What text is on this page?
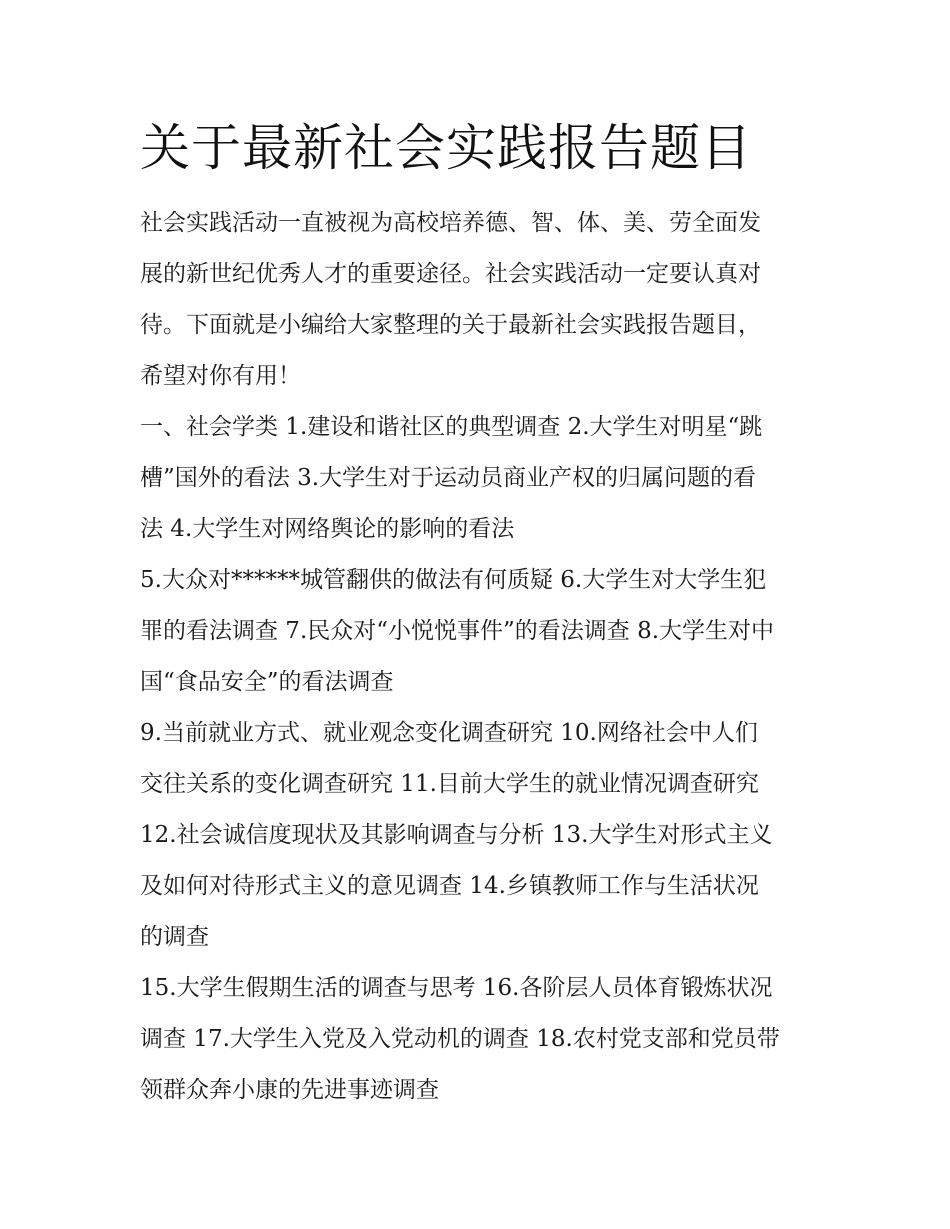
关于最新社会实践报告题目

社会实践活动一直被视为高校培养德、智、体、美、劳全面发
展的新世纪优秀人才的重要途径。社会实践活动一定要认真对
待。下面就是小编给大家整理的关于最新社会实践报告题目，
希望对你有用！

一、社会学类 1.建设和谐社区的典型调查 2.大学生对明星“跳
槽”国外的看法 3.大学生对于运动员商业产权的归属问题的看
法 4.大学生对网络舆论的影响的看法

5.大众对******城管翻供的做法有何质疑 6.大学生对大学生犯
罪的看法调查 7.民众对“小悦悦事件”的看法调查 8.大学生对中
国“食品安全”的看法调查

9.当前就业方式、就业观念变化调查研究 10.网络社会中人们
交往关系的变化调查研究 11.目前大学生的就业情况调查研究
12.社会诚信度现状及其影响调查与分析 13.大学生对形式主义
及如何对待形式主义的意见调查 14.乡镇教师工作与生活状况
的调查

15.大学生假期生活的调查与思考 16.各阶层人员体育锻炼状况
调查 17.大学生入党及入党动机的调查 18.农村党支部和党员带
领群众奔小康的先进事迹调查
